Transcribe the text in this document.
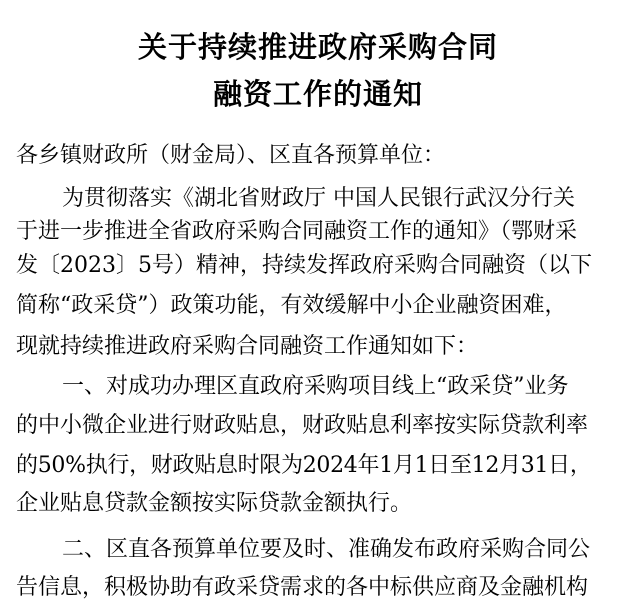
关于持续推进政府采购合同
融资工作的通知
各乡镇财政所（财金局）、区直各预算单位：
为贯彻落实《湖北省财政厅 中国人民银行武汉分行关
于进一步推进全省政府采购合同融资工作的通知》（鄂财采
发〔2023〕5号）精神，持续发挥政府采购合同融资（以下
简称“政采贷”）政策功能，有效缓解中小企业融资困难，
现就持续推进政府采购合同融资工作通知如下：
一、对成功办理区直政府采购项目线上“政采贷”业务
的中小微企业进行财政贴息，财政贴息利率按实际贷款利率
的50%执行，财政贴息时限为2024年1月1日至12月31日，
企业贴息贷款金额按实际贷款金额执行。
二、区直各预算单位要及时、准确发布政府采购合同公
告信息，积极协助有政采贷需求的各中标供应商及金融机构
